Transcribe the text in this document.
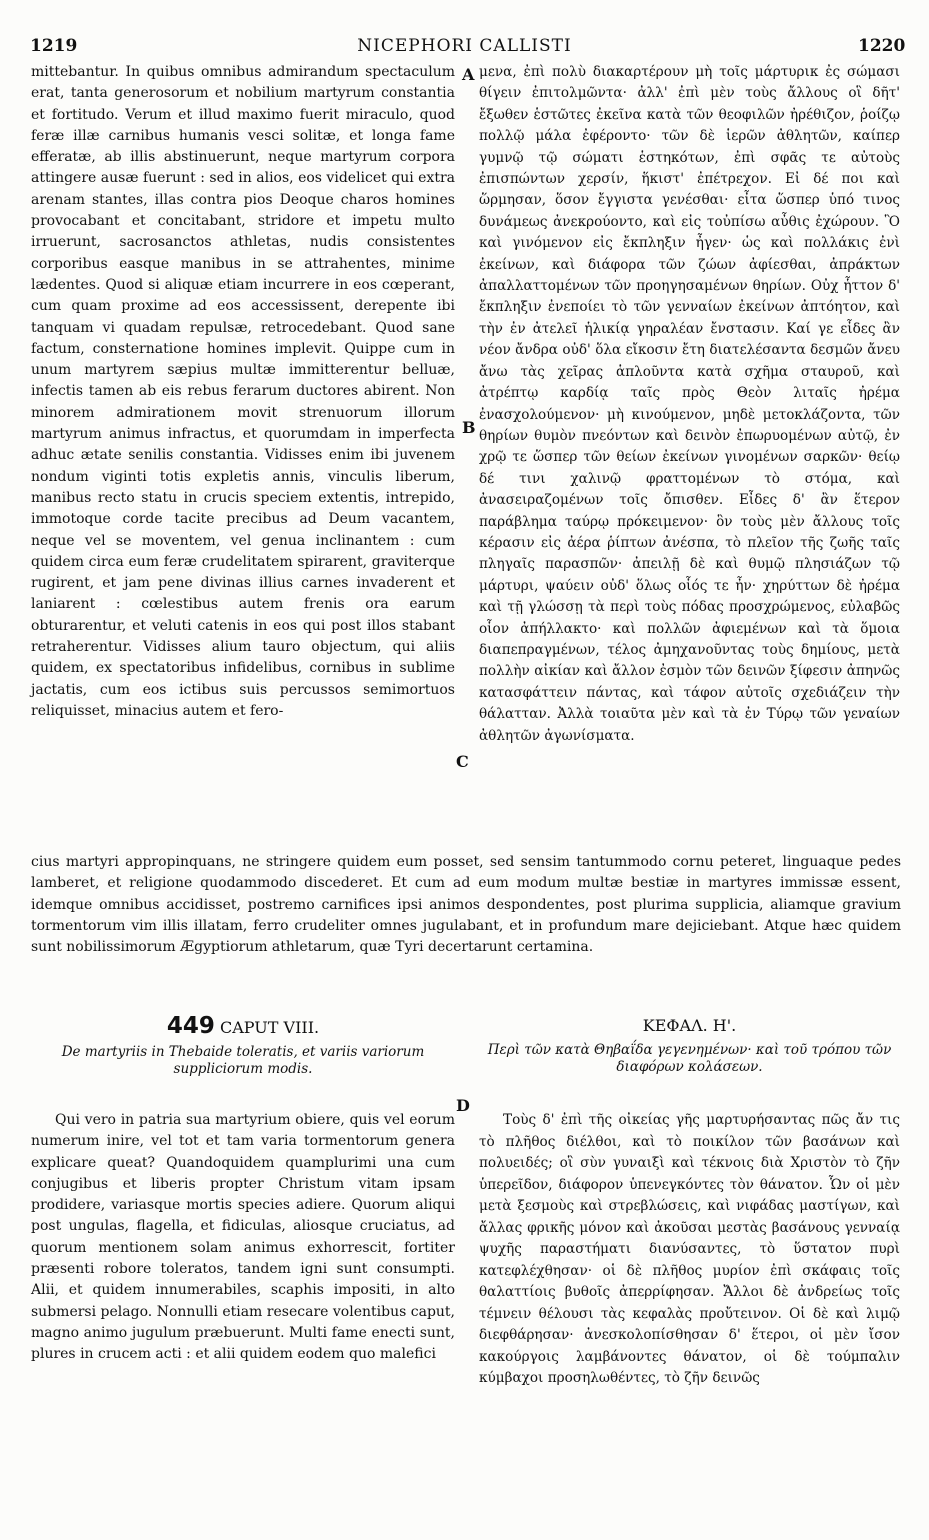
1219	NICEPHORI CALLISTI	1220

mittebantur. In quibus omnibus admirandum spectaculum erat, tanta generosorum et nobilium martyrum constantia et fortitudo. Verum et illud maximo fuerit miraculo, quod feræ illæ carnibus humanis vesci solitæ, et longa fame efferatæ, ab illis abstinuerunt, neque martyrum corpora attingere ausæ fuerunt : sed in alios, eos videlicet qui extra arenam stantes, illas contra pios Deoque charos homines provocabant et concitabant, stridore et impetu multo irruerunt, sacrosanctos athletas, nudis consistentes corporibus easque manibus in se attrahentes, minime lædentes. Quod si aliquæ etiam incurrere in eos cœperant, cum quam proxime ad eos accessissent, derepente ibi tanquam vi quadam repulsæ, retrocedebant. Quod sane factum, consternatione homines implevit. Quippe cum in unum martyrem sæpius multæ immitterentur belluæ, infectis tamen ab eis rebus ferarum ductores abirent. Non minorem admirationem movit strenuorum illorum martyrum animus infractus, et quorumdam in imperfecta adhuc ætate senilis constantia. Vidisses enim ibi juvenem nondum viginti totis expletis annis, vinculis liberum, manibus recto statu in crucis speciem extentis, intrepido, immotoque corde tacite precibus ad Deum vacantem, neque vel se moventem, vel genua inclinantem : cum quidem circa eum feræ crudelitatem spirarent, graviterque rugirent, et jam pene divinas illius carnes invaderent et laniarent : cœlestibus autem frenis ora earum obturarentur, et veluti catenis in eos qui post illos stabant retraherentur. Vidisses alium tauro objectum, qui aliis quidem, ex spectatoribus infidelibus, cornibus in sublime jactatis, cum eos ictibus suis percussos semimortuos reliquisset, minacius autem et fero-

A
B
C
D

μενα, ἐπὶ πολὺ διακαρτέρουν μὴ τοῖς μάρτυρικ ἐς σώμασι θίγειν ἐπιτολμῶντα· ἀλλ' ἐπὶ μὲν τοὺς ἄλλους οἳ δῆτ' ἔξωθεν ἑστῶτες ἐκεῖνα κατὰ τῶν θεοφιλῶν ἠρέθιζον, ῥοίζῳ πολλῷ μάλα ἐφέροντο· τῶν δὲ ἱερῶν ἀθλητῶν, καίπερ γυμνῷ τῷ σώματι ἑστηκότων, ἐπὶ σφᾶς τε αὐτοὺς ἐπισπώντων χερσίν, ἥκιστ' ἐπέτρεχον. Εἰ δέ ποι καὶ ὥρμησαν, ὅσον ἔγγιστα γενέσθαι· εἶτα ὥσπερ ὑπό τινος δυνάμεως ἀνεκρούοντο, καὶ εἰς τοὐπίσω αὖθις ἐχώρουν. Ὃ καὶ γινόμενον εἰς ἔκπληξιν ἦγεν· ὡς καὶ πολλάκις ἐνὶ ἐκείνων, καὶ διάφορα τῶν ζώων ἀφίεσθαι, ἀπράκτων ἀπαλλαττομένων τῶν προηγησαμένων θηρίων. Οὐχ ἧττον δ' ἔκπληξιν ἐνεποίει τὸ τῶν γενναίων ἐκείνων ἀπτόητον, καὶ τὴν ἐν ἀτελεῖ ἡλικίᾳ γηραλέαν ἔνστασιν. Καί γε εἶδες ἂν νέον ἄνδρα οὐδ' ὅλα εἴκοσιν ἔτη διατελέσαντα δεσμῶν ἄνευ ἄνω τὰς χεῖρας ἁπλοῦντα κατὰ σχῆμα σταυροῦ, καὶ ἀτρέπτῳ καρδίᾳ ταῖς πρὸς Θεὸν λιταῖς ἠρέμα ἐνασχολούμενον· μὴ κινούμενον, μηδὲ μετοκλάζοντα, τῶν θηρίων θυμὸν πνεόντων καὶ δεινὸν ἐπωρυομένων αὐτῷ, ἐν χρῷ τε ὥσπερ τῶν θείων ἐκείνων γινομένων σαρκῶν· θείῳ δέ τινι χαλινῷ φραττομένων τὸ στόμα, καὶ ἀνασειραζομένων τοῖς ὄπισθεν. Εἶδες δ' ἂν ἕτερον παράβλημα ταύρῳ πρόκειμενον· ὃν τοὺς μὲν ἄλλους τοῖς κέρασιν εἰς ἀέρα ῥίπτων ἀνέσπα, τὸ πλεῖον τῆς ζωῆς ταῖς πληγαῖς παρασπῶν· ἀπειλῇ δὲ καὶ θυμῷ πλησιάζων τῷ μάρτυρι, ψαύειν οὐδ' ὅλως οἷός τε ἦν· χηρύττων δὲ ἠρέμα καὶ τῇ γλώσσῃ τὰ περὶ τοὺς πόδας προσχρώμενος, εὐλαβῶς οἷον ἀπήλλακτο· καὶ πολλῶν ἀφιεμένων καὶ τὰ ὅμοια διαπεπραγμένων, τέλος ἀμηχανοῦντας τοὺς δημίους, μετὰ πολλὴν αἰκίαν καὶ ἄλλον ἐσμὸν τῶν δεινῶν ξίφεσιν ἀπηνῶς κατασφάττειν πάντας, καὶ τάφον αὐτοῖς σχεδιάζειν τὴν θάλατταν. Ἀλλὰ τοιαῦτα μὲν καὶ τὰ ἐν Τύρῳ τῶν γεναίων ἀθλητῶν ἀγωνίσματα.

cius martyri appropinquans, ne stringere quidem eum posset, sed sensim tantummodo cornu peteret, linguaque pedes lamberet, et religione quodammodo discederet. Et cum ad eum modum multæ bestiæ in martyres immissæ essent, idemque omnibus accidisset, postremo carnifices ipsi animos despondentes, post plurima supplicia, aliamque gravium tormentorum vim illis illatam, ferro crudeliter omnes jugulabant, et in profundum mare dejiciebant. Atque hæc quidem sunt nobilissimorum Ægyptiorum athletarum, quæ Tyri decertarunt certamina.

449 CAPUT VIII.

De martyriis in Thebaide toleratis, et variis variorum suppliciorum modis.

ΚΕΦΑΛ. Η'.

Περὶ τῶν κατὰ Θηβαΐδα γεγενημένων· καὶ τοῦ τρόπου τῶν διαφόρων κολάσεων.

Qui vero in patria sua martyrium obiere, quis vel eorum numerum inire, vel tot et tam varia tormentorum genera explicare queat? Quandoquidem quamplurimi una cum conjugibus et liberis propter Christum vitam ipsam prodidere, variasque mortis species adiere. Quorum aliqui post ungulas, flagella, et fidiculas, aliosque cruciatus, ad quorum mentionem solam animus exhorrescit, fortiter præsenti robore toleratos, tandem igni sunt consumpti. Alii, et quidem innumerabiles, scaphis impositi, in alto submersi pelago. Nonnulli etiam resecare volentibus caput, magno animo jugulum præbuerunt. Multi fame enecti sunt, plures in crucem acti : et alii quidem eodem quo malefici

Τοὺς δ' ἐπὶ τῆς οἰκείας γῆς μαρτυρήσαντας πῶς ἄν τις τὸ πλῆθος διέλθοι, καὶ τὸ ποικίλον τῶν βασάνων καὶ πολυειδές; οἳ σὺν γυναιξὶ καὶ τέκνοις διὰ Χριστὸν τὸ ζῆν ὑπερεῖδον, διάφορον ὑπενεγκόντες τὸν θάνατον. Ὧν οἱ μὲν μετὰ ξεσμοὺς καὶ στρεβλώσεις, καὶ νιφάδας μαστίγων, καὶ ἄλλας φρικῆς μόνον καὶ ἀκοῦσαι μεστὰς βασάνους γενναίᾳ ψυχῆς παραστήματι διανύσαντες, τὸ ὕστατον πυρὶ κατεφλέχθησαν· οἱ δὲ πλῆθος μυρίον ἐπὶ σκάφαις τοῖς θαλαττίοις βυθοῖς ἀπερρίφησαν. Ἄλλοι δὲ ἀνδρείως τοῖς τέμνειν θέλουσι τὰς κεφαλὰς προὔτεινον. Οἱ δὲ καὶ λιμῷ διεφθάρησαν· ἀνεσκολοπίσθησαν δ' ἕτεροι, οἱ μὲν ἴσον κακούργοις λαμβάνοντες θάνατον, οἱ δὲ τούμπαλιν κύμβαχοι προσηλωθέντες, τὸ ζῆν δεινῶς
